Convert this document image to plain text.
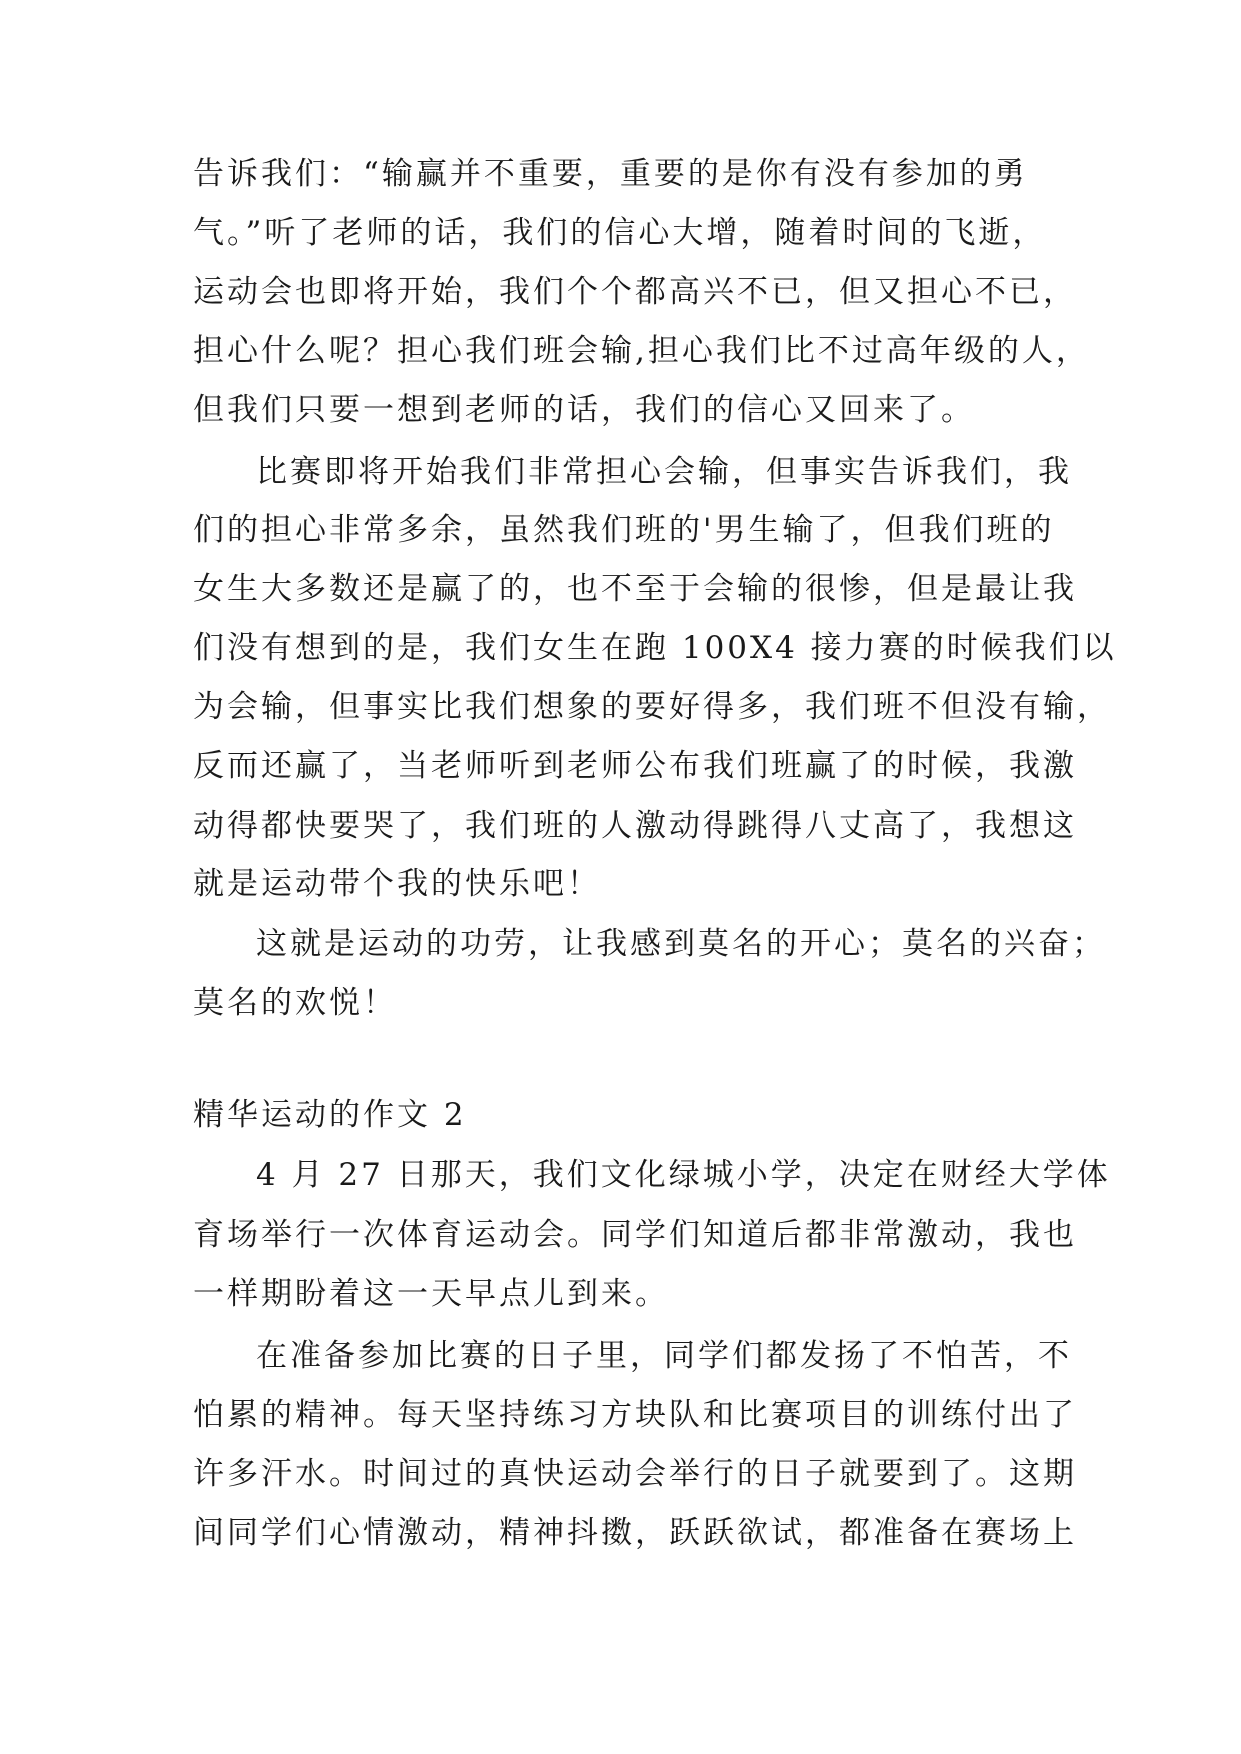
告诉我们：“输赢并不重要，重要的是你有没有参加的勇
气。”听了老师的话，我们的信心大增，随着时间的飞逝，
运动会也即将开始，我们个个都高兴不已，但又担心不已，
担心什么呢？担心我们班会输,担心我们比不过高年级的人，
但我们只要一想到老师的话，我们的信心又回来了。
比赛即将开始我们非常担心会输，但事实告诉我们，我
们的担心非常多余，虽然我们班的'男生输了，但我们班的
女生大多数还是赢了的，也不至于会输的很惨，但是最让我
们没有想到的是，我们女生在跑 100X4 接力赛的时候我们以
为会输，但事实比我们想象的要好得多，我们班不但没有输，
反而还赢了，当老师听到老师公布我们班赢了的时候，我激
动得都快要哭了，我们班的人激动得跳得八丈高了，我想这
就是运动带个我的快乐吧！
这就是运动的功劳，让我感到莫名的开心；莫名的兴奋；
莫名的欢悦！
精华运动的作文 2
4 月 27 日那天，我们文化绿城小学，决定在财经大学体
育场举行一次体育运动会。同学们知道后都非常激动，我也
一样期盼着这一天早点儿到来。
在准备参加比赛的日子里，同学们都发扬了不怕苦，不
怕累的精神。每天坚持练习方块队和比赛项目的训练付出了
许多汗水。时间过的真快运动会举行的日子就要到了。这期
间同学们心情激动，精神抖擞，跃跃欲试，都准备在赛场上
